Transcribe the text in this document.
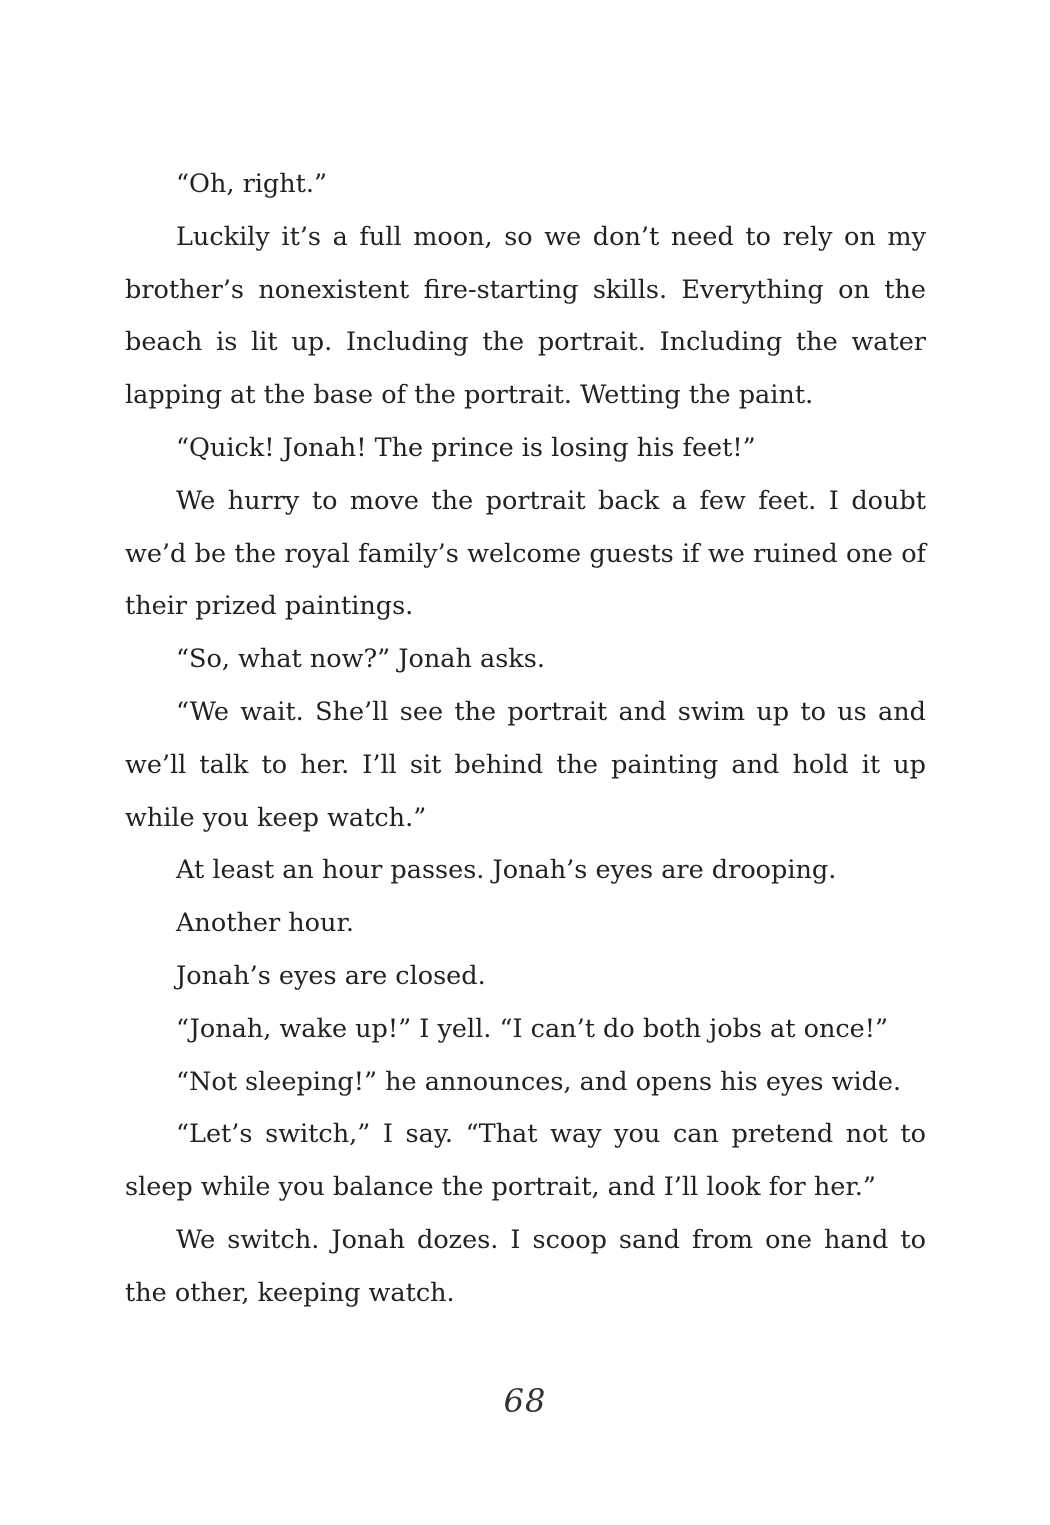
“Oh, right.”

Luckily it’s a full moon, so we don’t need to rely on my brother’s nonexistent fire-starting skills. Everything on the beach is lit up. Including the portrait. Including the water lapping at the base of the portrait. Wetting the paint.

“Quick! Jonah! The prince is losing his feet!”

We hurry to move the portrait back a few feet. I doubt we’d be the royal family’s welcome guests if we ruined one of their prized paintings.

“So, what now?” Jonah asks.

“We wait. She’ll see the portrait and swim up to us and we’ll talk to her. I’ll sit behind the painting and hold it up while you keep watch.”

At least an hour passes. Jonah’s eyes are drooping.

Another hour.

Jonah’s eyes are closed.

“Jonah, wake up!” I yell. “I can’t do both jobs at once!”

“Not sleeping!” he announces, and opens his eyes wide.

“Let’s switch,” I say. “That way you can pretend not to sleep while you balance the portrait, and I’ll look for her.”

We switch. Jonah dozes. I scoop sand from one hand to the other, keeping watch.

68
